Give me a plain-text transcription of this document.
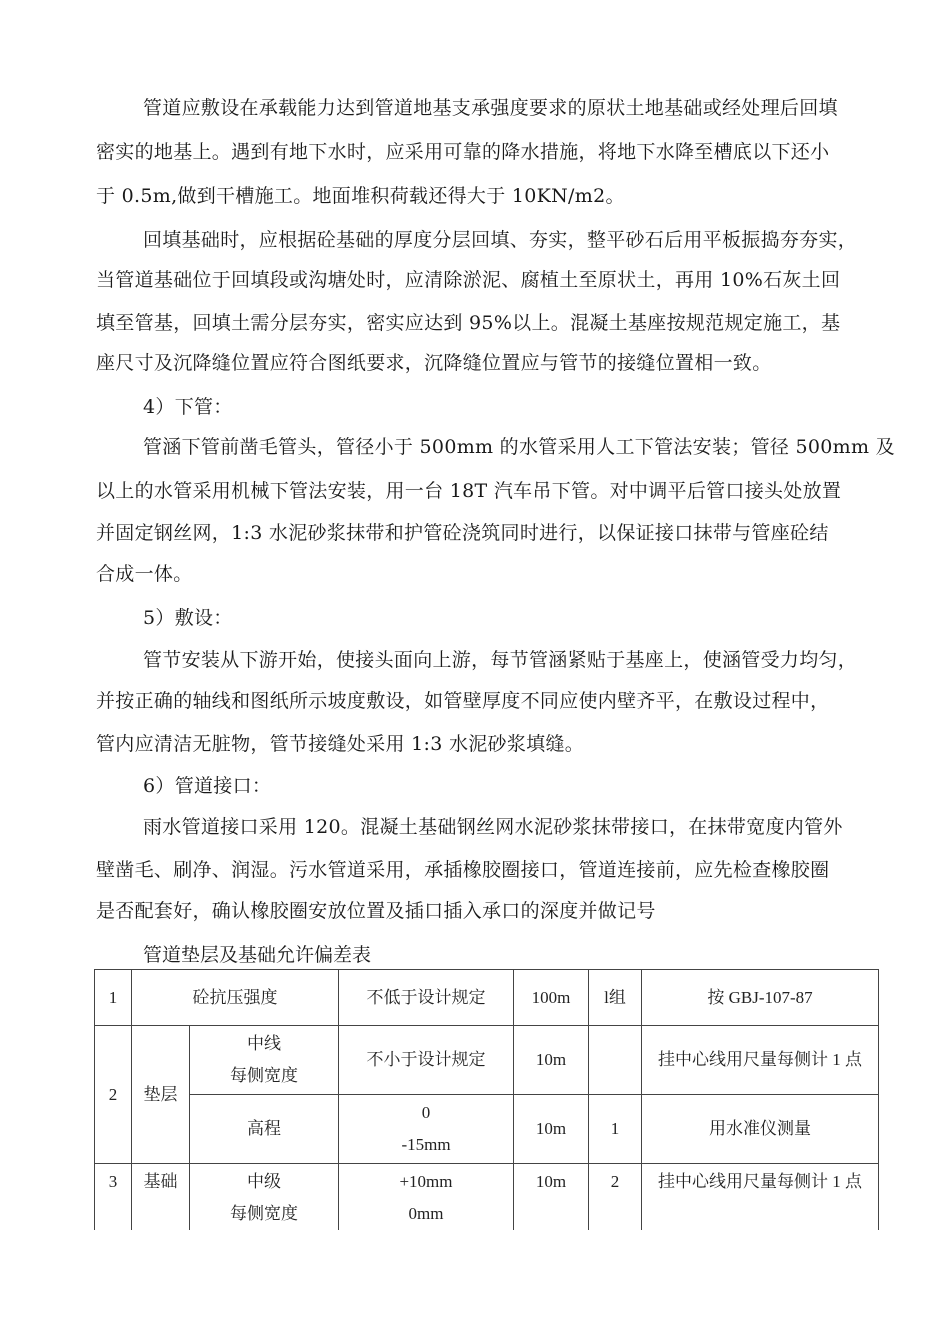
管道应敷设在承载能力达到管道地基支承强度要求的原状土地基础或经处理后回填

密实的地基上。遇到有地下水时，应采用可靠的降水措施，将地下水降至槽底以下还小

于 0.5m,做到干槽施工。地面堆积荷载还得大于 10KN/m2。

回填基础时，应根据砼基础的厚度分层回填、夯实，整平砂石后用平板振捣夯夯实，

当管道基础位于回填段或沟塘处时，应清除淤泥、腐植土至原状土，再用 10%石灰土回

填至管基，回填土需分层夯实，密实应达到 95%以上。混凝土基座按规范规定施工，基

座尺寸及沉降缝位置应符合图纸要求，沉降缝位置应与管节的接缝位置相一致。

4）下管：

管涵下管前凿毛管头，管径小于 500mm 的水管采用人工下管法安装；管径 500mm 及

以上的水管采用机械下管法安装，用一台 18T 汽车吊下管。对中调平后管口接头处放置

并固定钢丝网，1:3 水泥砂浆抹带和护管砼浇筑同时进行，以保证接口抹带与管座砼结

合成一体。

5）敷设：

管节安装从下游开始，使接头面向上游，每节管涵紧贴于基座上，使涵管受力均匀，

并按正确的轴线和图纸所示坡度敷设，如管壁厚度不同应使内壁齐平，在敷设过程中，

管内应清洁无脏物，管节接缝处采用 1:3 水泥砂浆填缝。

6）管道接口：

雨水管道接口采用 120。混凝土基础钢丝网水泥砂浆抹带接口，在抹带宽度内管外

壁凿毛、刷净、润湿。污水管道采用，承插橡胶圈接口，管道连接前，应先检查橡胶圈

是否配套好，确认橡胶圈安放位置及插口插入承口的深度并做记号

管道垫层及基础允许偏差表

1	砼抗压强度		不低于设计规定	100m	l组	按 GBJ-107-87
2	垫层	中线
每侧宽度	不小于设计规定	10m		挂中心线用尺量每侧计 1 点
		高程	0
-15mm	10m	1	用水准仪测量
3	基础	中级
每侧宽度	+10mm
0mm	10m	2	挂中心线用尺量每侧计 1 点
